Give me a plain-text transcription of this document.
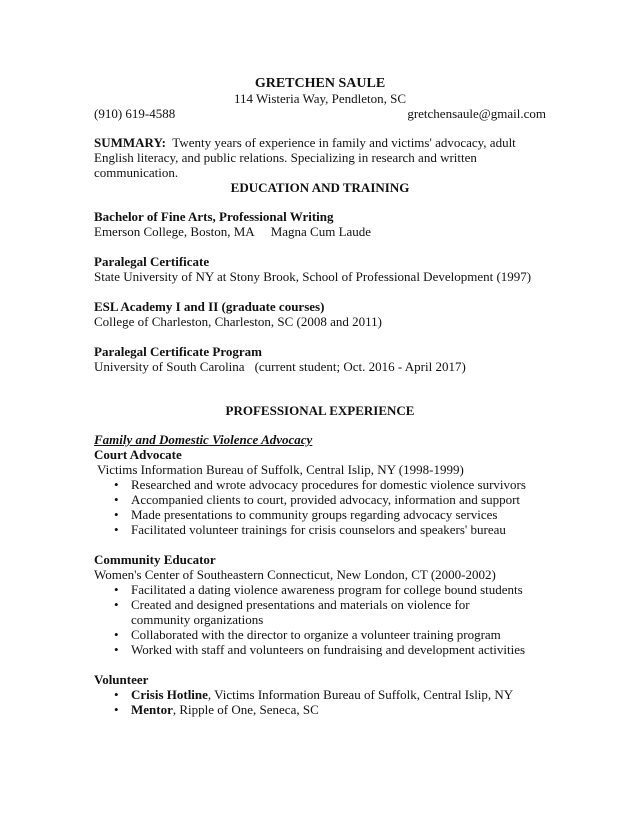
GRETCHEN SAULE
114 Wisteria Way, Pendleton, SC
(910) 619-4588	gretchensaule@gmail.com
SUMMARY: Twenty years of experience in family and victims' advocacy, adult
English literacy, and public relations. Specializing in research and written
communication.
EDUCATION AND TRAINING
Bachelor of Fine Arts, Professional Writing
Emerson College, Boston, MA Magna Cum Laude
Paralegal Certificate
State University of NY at Stony Brook, School of Professional Development (1997)
ESL Academy I and II (graduate courses)
College of Charleston, Charleston, SC (2008 and 2011)
Paralegal Certificate Program
University of South Carolina (current student; Oct. 2016 - April 2017)
PROFESSIONAL EXPERIENCE
Family and Domestic Violence Advocacy
Court Advocate
Victims Information Bureau of Suffolk, Central Islip, NY (1998-1999)
• Researched and wrote advocacy procedures for domestic violence survivors
• Accompanied clients to court, provided advocacy, information and support
• Made presentations to community groups regarding advocacy services
• Facilitated volunteer trainings for crisis counselors and speakers' bureau
Community Educator
Women's Center of Southeastern Connecticut, New London, CT (2000-2002)
• Facilitated a dating violence awareness program for college bound students
• Created and designed presentations and materials on violence for
community organizations
• Collaborated with the director to organize a volunteer training program
• Worked with staff and volunteers on fundraising and development activities
Volunteer
• Crisis Hotline, Victims Information Bureau of Suffolk, Central Islip, NY
• Mentor, Ripple of One, Seneca, SC
